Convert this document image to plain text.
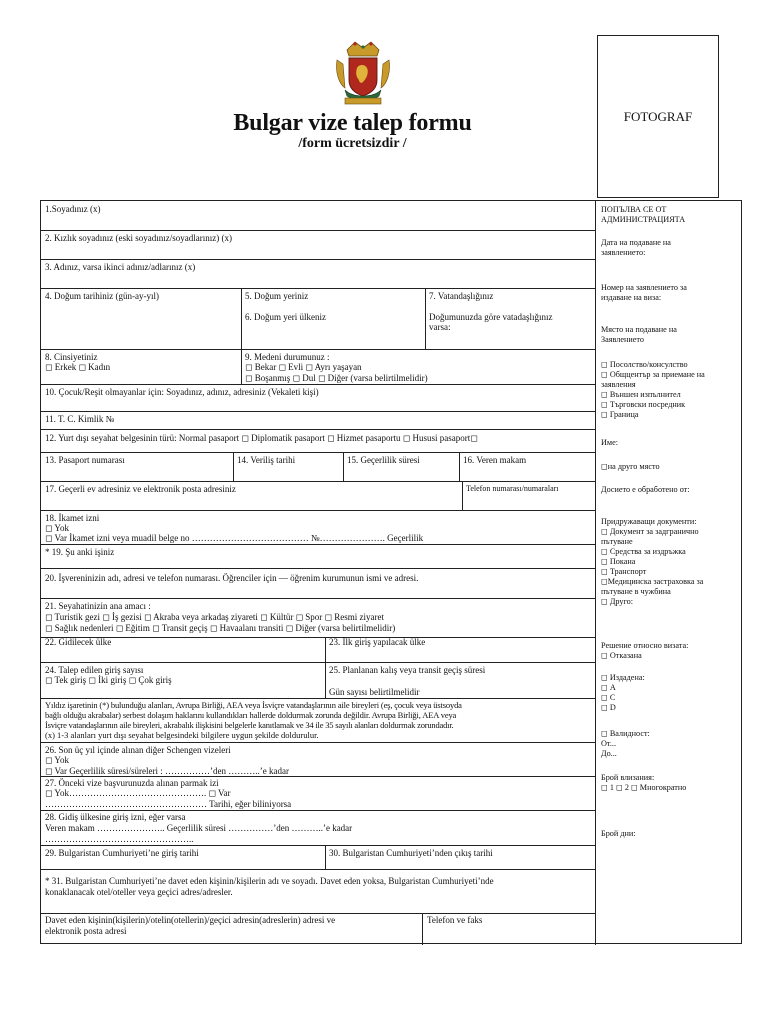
Bulgar vize talep formu
/form ücretsizdir /
FOTOGRAF
1.Soyadınız (x)
2. Kızlık soyadınız (eski soyadınız/soyadlarınız) (x)
3. Adınız, varsa ikinci adınız/adlarınız (x)
4. Doğum tarihiniz (gün-ay-yıl)	5. Doğum yeriniz
6. Doğum yeri ülkeniz
7. Vatandaşlığınız
Doğumunuzda göre vatadaşlığınız
varsa:
8. Cinsiyetiniz
◻ Erkek ◻ Kadın
9. Medeni durumunuz :
◻ Bekar ◻ Evli ◻ Ayrı yaşayan
◻ Boşanmış ◻ Dul ◻ Diğer (varsa belirtilmelidir)
10. Çocuk/Reşit olmayanlar için: Soyadınız, adınız, adresiniz (Vekaleti kişi)
11. T. C. Kimlik №
12. Yurt dışı seyahat belgesinin türü: Normal pasaport ◻ Diplomatik pasaport ◻ Hizmet pasaportu ◻ Hususi pasaport◻
13. Pasaport numarası	14. Veriliş tarihi	15. Geçerlilik süresi	16. Veren makam
17. Geçerli ev adresiniz ve elektronik posta adresiniz	Telefon numarası/numaraları
18. İkamet izni
◻ Yok
◻ Var İkamet izni veya muadil belge no ………………………………… №…………………. Geçerlilik
* 19. Şu anki işiniz
20. İşvereninizin adı, adresi ve telefon numarası. Öğrenciler için — öğrenim kurumunun ismi ve adresi.
21. Seyahatinizin ana amacı :
◻ Turistik gezi ◻ İş gezisi ◻ Akraba veya arkadaş ziyareti ◻ Kültür ◻ Spor ◻ Resmi ziyaret
◻ Sağlık nedenleri ◻ Eğitim ◻ Transit geçiş ◻ Havaalanı transiti ◻ Diğer (varsa belirtilmelidir)
22. Gidilecek ülke	23. İlk giriş yapılacak ülke
24. Talep edilen giriş sayısı
◻ Tek giriş ◻ İki giriş ◻ Çok giriş
25. Planlanan kalış veya transit geçiş süresi
Gün sayısı belirtilmelidir
Yıldız işaretinin (*) bulunduğu alanları, Avrupa Birliği, AEA veya İsviçre vatandaşlarının aile bireyleri (eş, çocuk veya üstsoyda
bağlı olduğu akrabalar) serbest dolaşım haklarını kullandıkları hallerde doldurmak zorunda değildir. Avrupa Birliği, AEA veya
İsviçre vatandaşlarının aile bireyleri, akrabalık ilişkisini belgelerle kanıtlamak ve 34 ile 35 sayılı alanları doldurmak zorundadır.
(x) 1-3 alanları yurt dışı seyahat belgesindeki bilgilere uygun şekilde doldurulur.
26. Son üç yıl içinde alınan diğer Schengen vizeleri
◻ Yok
◻ Var Geçerlilik süresi/süreleri : ……………’den ………..’e kadar
27. Önceki vize başvurunuzda alınan parmak izi
◻ Yok………………………………………. ◻ Var
……………………………………………… Tarihi, eğer biliniyorsa
28. Gidiş ülkesine giriş izni, eğer varsa
Veren makam ………………….. Geçerlilik süresi ……………’den ………..’e kadar
…………………………………………..
29. Bulgaristan Cumhuriyeti’ne giriş tarihi	30. Bulgaristan Cumhuriyeti’nden çıkış tarihi
* 31. Bulgaristan Cumhuriyeti’ne davet eden kişinin/kişilerin adı ve soyadı. Davet eden yoksa, Bulgaristan Cumhuriyeti’nde
konaklanacak otel/oteller veya geçici adres/adresler.
Davet eden kişinin(kişilerin)/otelin(otellerin)/geçici adresin(adreslerin) adresi ve
elektronik posta adresi
Telefon ve faks
ПОПЪЛВА СЕ ОТ
АДМИНИСТРАЦИЯТА
Дата на подаване на
заявлението:
Номер на заявлението за
издаване на виза:
Място на подаване на
Заявлението
◻ Посолство/консулство
◻ Общцентър за приемане на
заявления
◻ Външен изпълнител
◻ Търговски посредник
◻ Граница
Име:
◻на друго място
Досието е обработено от:
Придружаващи документи:
◻ Документ за задгранично
пътуване
◻ Средства за издръжка
◻ Покана
◻ Транспорт
◻Медицинска застраховка за
пътуване в чужбина
◻ Друго:
Решение относно визата:
◻ Отказана
◻ Издадена:
◻ A
◻ C
◻ D
◻ Валидност:
От...
До...
Брой влизания:
◻ 1 ◻ 2 ◻ Многократно
Брой дни:
